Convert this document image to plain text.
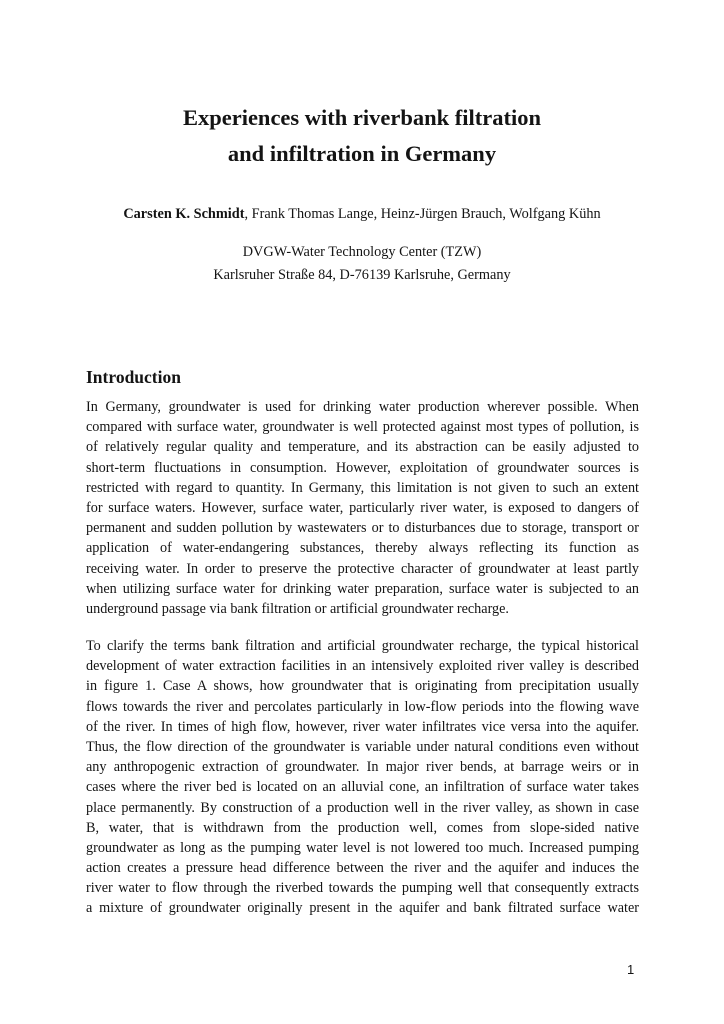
Experiences with riverbank filtration
and infiltration in Germany

Carsten K. Schmidt, Frank Thomas Lange, Heinz-Jürgen Brauch, Wolfgang Kühn

DVGW-Water Technology Center (TZW)

Karlsruher Straße 84, D-76139 Karlsruhe, Germany

Introduction
In Germany, groundwater is used for drinking water production wherever possible. When
compared with surface water, groundwater is well protected against most types of pollution, is
of relatively regular quality and temperature, and its abstraction can be easily adjusted to
short-term fluctuations in consumption. However, exploitation of groundwater sources is
restricted with regard to quantity. In Germany, this limitation is not given to such an extent
for surface waters. However, surface water, particularly river water, is exposed to dangers of
permanent and sudden pollution by wastewaters or to disturbances due to storage, transport or
application of water-endangering substances, thereby always reflecting its function as
receiving water. In order to preserve the protective character of groundwater at least partly
when utilizing surface water for drinking water preparation, surface water is subjected to an
underground passage via bank filtration or artificial groundwater recharge.
To clarify the terms bank filtration and artificial groundwater recharge, the typical historical
development of water extraction facilities in an intensively exploited river valley is described
in figure 1. Case A shows, how groundwater that is originating from precipitation usually
flows towards the river and percolates particularly in low-flow periods into the flowing wave
of the river. In times of high flow, however, river water infiltrates vice versa into the aquifer.
Thus, the flow direction of the groundwater is variable under natural conditions even without
any anthropogenic extraction of groundwater. In major river bends, at barrage weirs or in
cases where the river bed is located on an alluvial cone, an infiltration of surface water takes
place permanently. By construction of a production well in the river valley, as shown in case
B, water, that is withdrawn from the production well, comes from slope-sided native
groundwater as long as the pumping water level is not lowered too much. Increased pumping
action creates a pressure head difference between the river and the aquifer and induces the
river water to flow through the riverbed towards the pumping well that consequently extracts
a mixture of groundwater originally present in the aquifer and bank filtrated surface water

1
